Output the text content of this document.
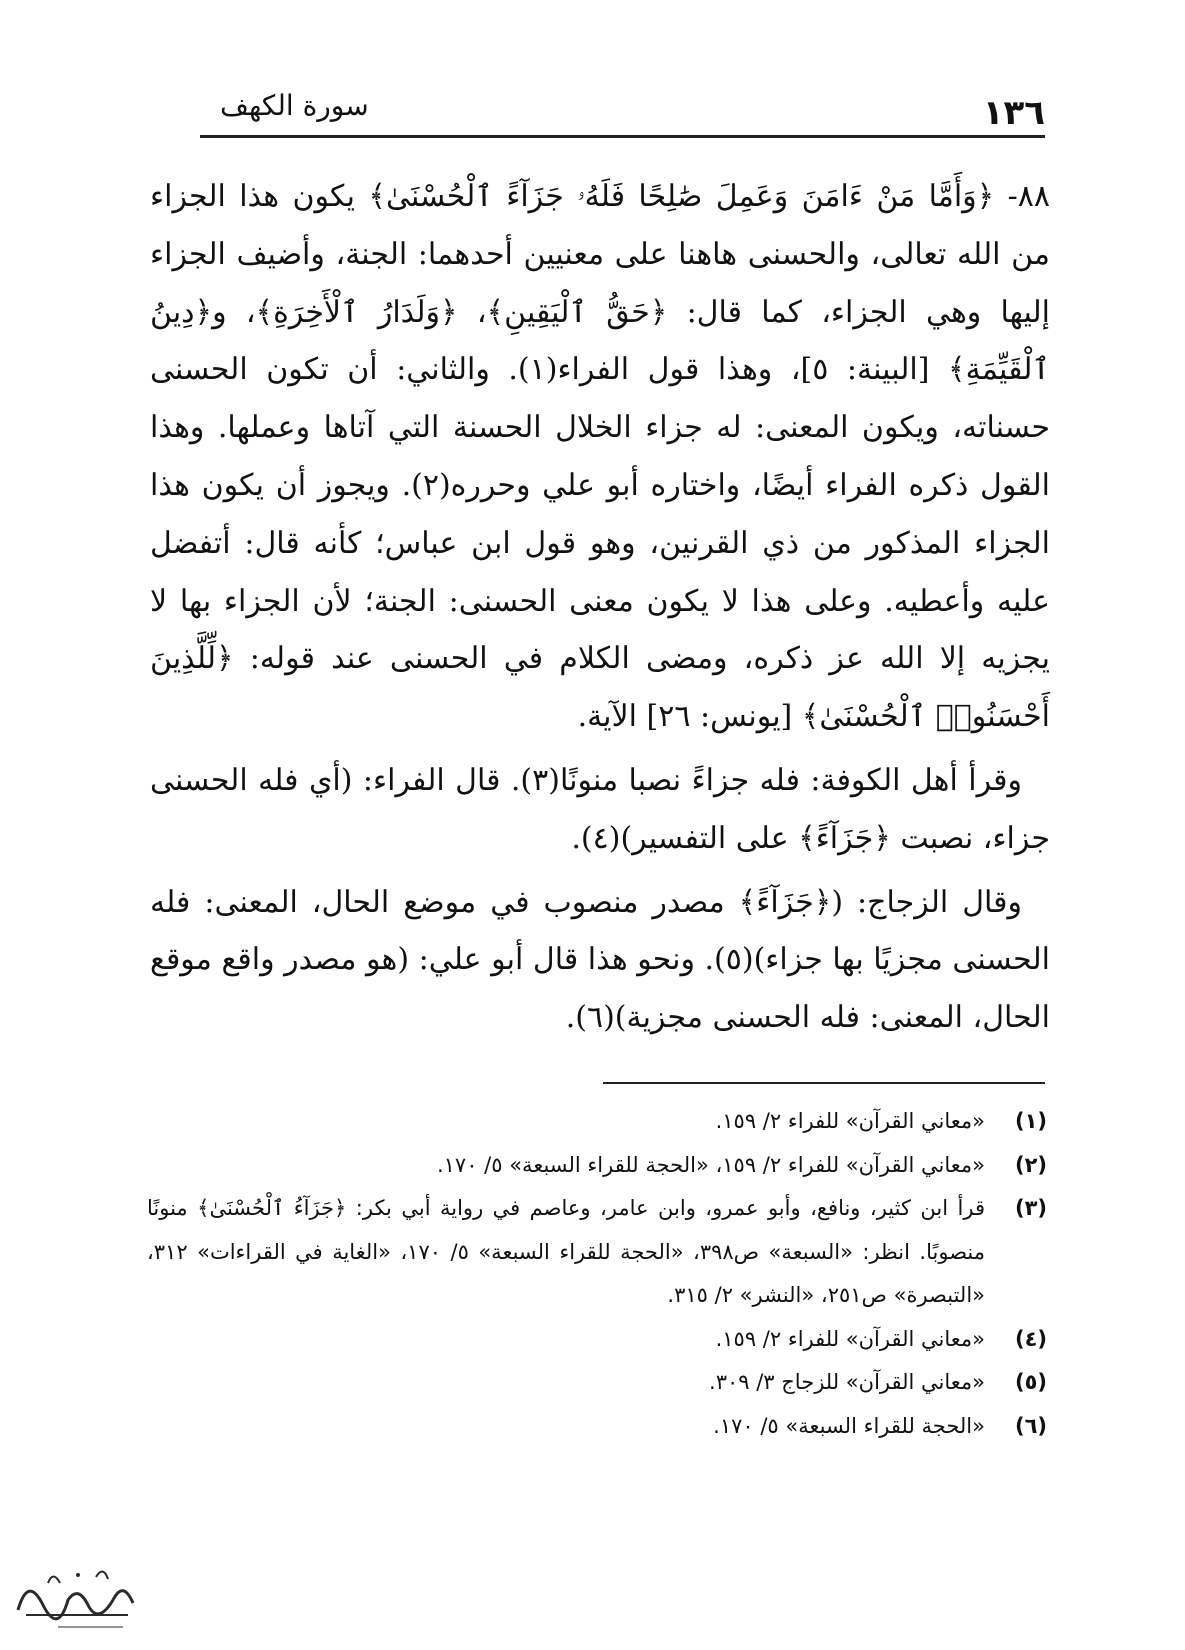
١٣٦
سورة الكهف

٨٨- ﴿وَأَمَّا مَنْ ءَامَنَ وَعَمِلَ صَٰلِحًا فَلَهُۥ جَزَآءً ٱلْحُسْنَىٰ﴾ يكون هذا الجزاء من الله تعالى، والحسنى هاهنا على معنيين أحدهما: الجنة، وأضيف الجزاء إليها وهي الجزاء، كما قال: ﴿حَقُّ ٱلْيَقِينِ﴾، ﴿وَلَدَارُ ٱلْأَخِرَةِ﴾، و﴿دِينُ ٱلْقَيِّمَةِ﴾ [البينة: ٥]، وهذا قول الفراء(١). والثاني: أن تكون الحسنى حسناته، ويكون المعنى: له جزاء الخلال الحسنة التي آتاها وعملها. وهذا القول ذكره الفراء أيضًا، واختاره أبو علي وحرره(٢). ويجوز أن يكون هذا الجزاء المذكور من ذي القرنين، وهو قول ابن عباس؛ كأنه قال: أتفضل عليه وأعطيه. وعلى هذا لا يكون معنى الحسنى: الجنة؛ لأن الجزاء بها لا يجزيه إلا الله عز ذكره، ومضى الكلام في الحسنى عند قوله: ﴿لِّلَّذِينَ أَحْسَنُوا۟ ٱلْحُسْنَىٰ﴾ [يونس: ٢٦] الآية.

وقرأ أهل الكوفة: فله جزاءً نصبا منونًا(٣). قال الفراء: (أي فله الحسنى جزاء، نصبت ﴿جَزَآءً﴾ على التفسير)(٤).

وقال الزجاج: (﴿جَزَآءً﴾ مصدر منصوب في موضع الحال، المعنى: فله الحسنى مجزيًا بها جزاء)(٥). ونحو هذا قال أبو علي: (هو مصدر واقع موقع الحال، المعنى: فله الحسنى مجزية)(٦).

(١)
«معاني القرآن» للفراء ٢/ ١٥٩.
(٢)
«معاني القرآن» للفراء ٢/ ١٥٩، «الحجة للقراء السبعة» ٥/ ١٧٠.
(٣)
قرأ ابن كثير، ونافع، وأبو عمرو، وابن عامر، وعاصم في رواية أبي بكر: ﴿جَزَآءُ ٱلْحُسْنَىٰ﴾ منونًا منصوبًا. انظر: «السبعة» ص٣٩٨، «الحجة للقراء السبعة» ٥/ ١٧٠، «الغاية في القراءات» ٣١٢، «التبصرة» ص٢٥١، «النشر» ٢/ ٣١٥.
(٤)
«معاني القرآن» للفراء ٢/ ١٥٩.
(٥)
«معاني القرآن» للزجاج ٣/ ٣٠٩.
(٦)
«الحجة للقراء السبعة» ٥/ ١٧٠.
